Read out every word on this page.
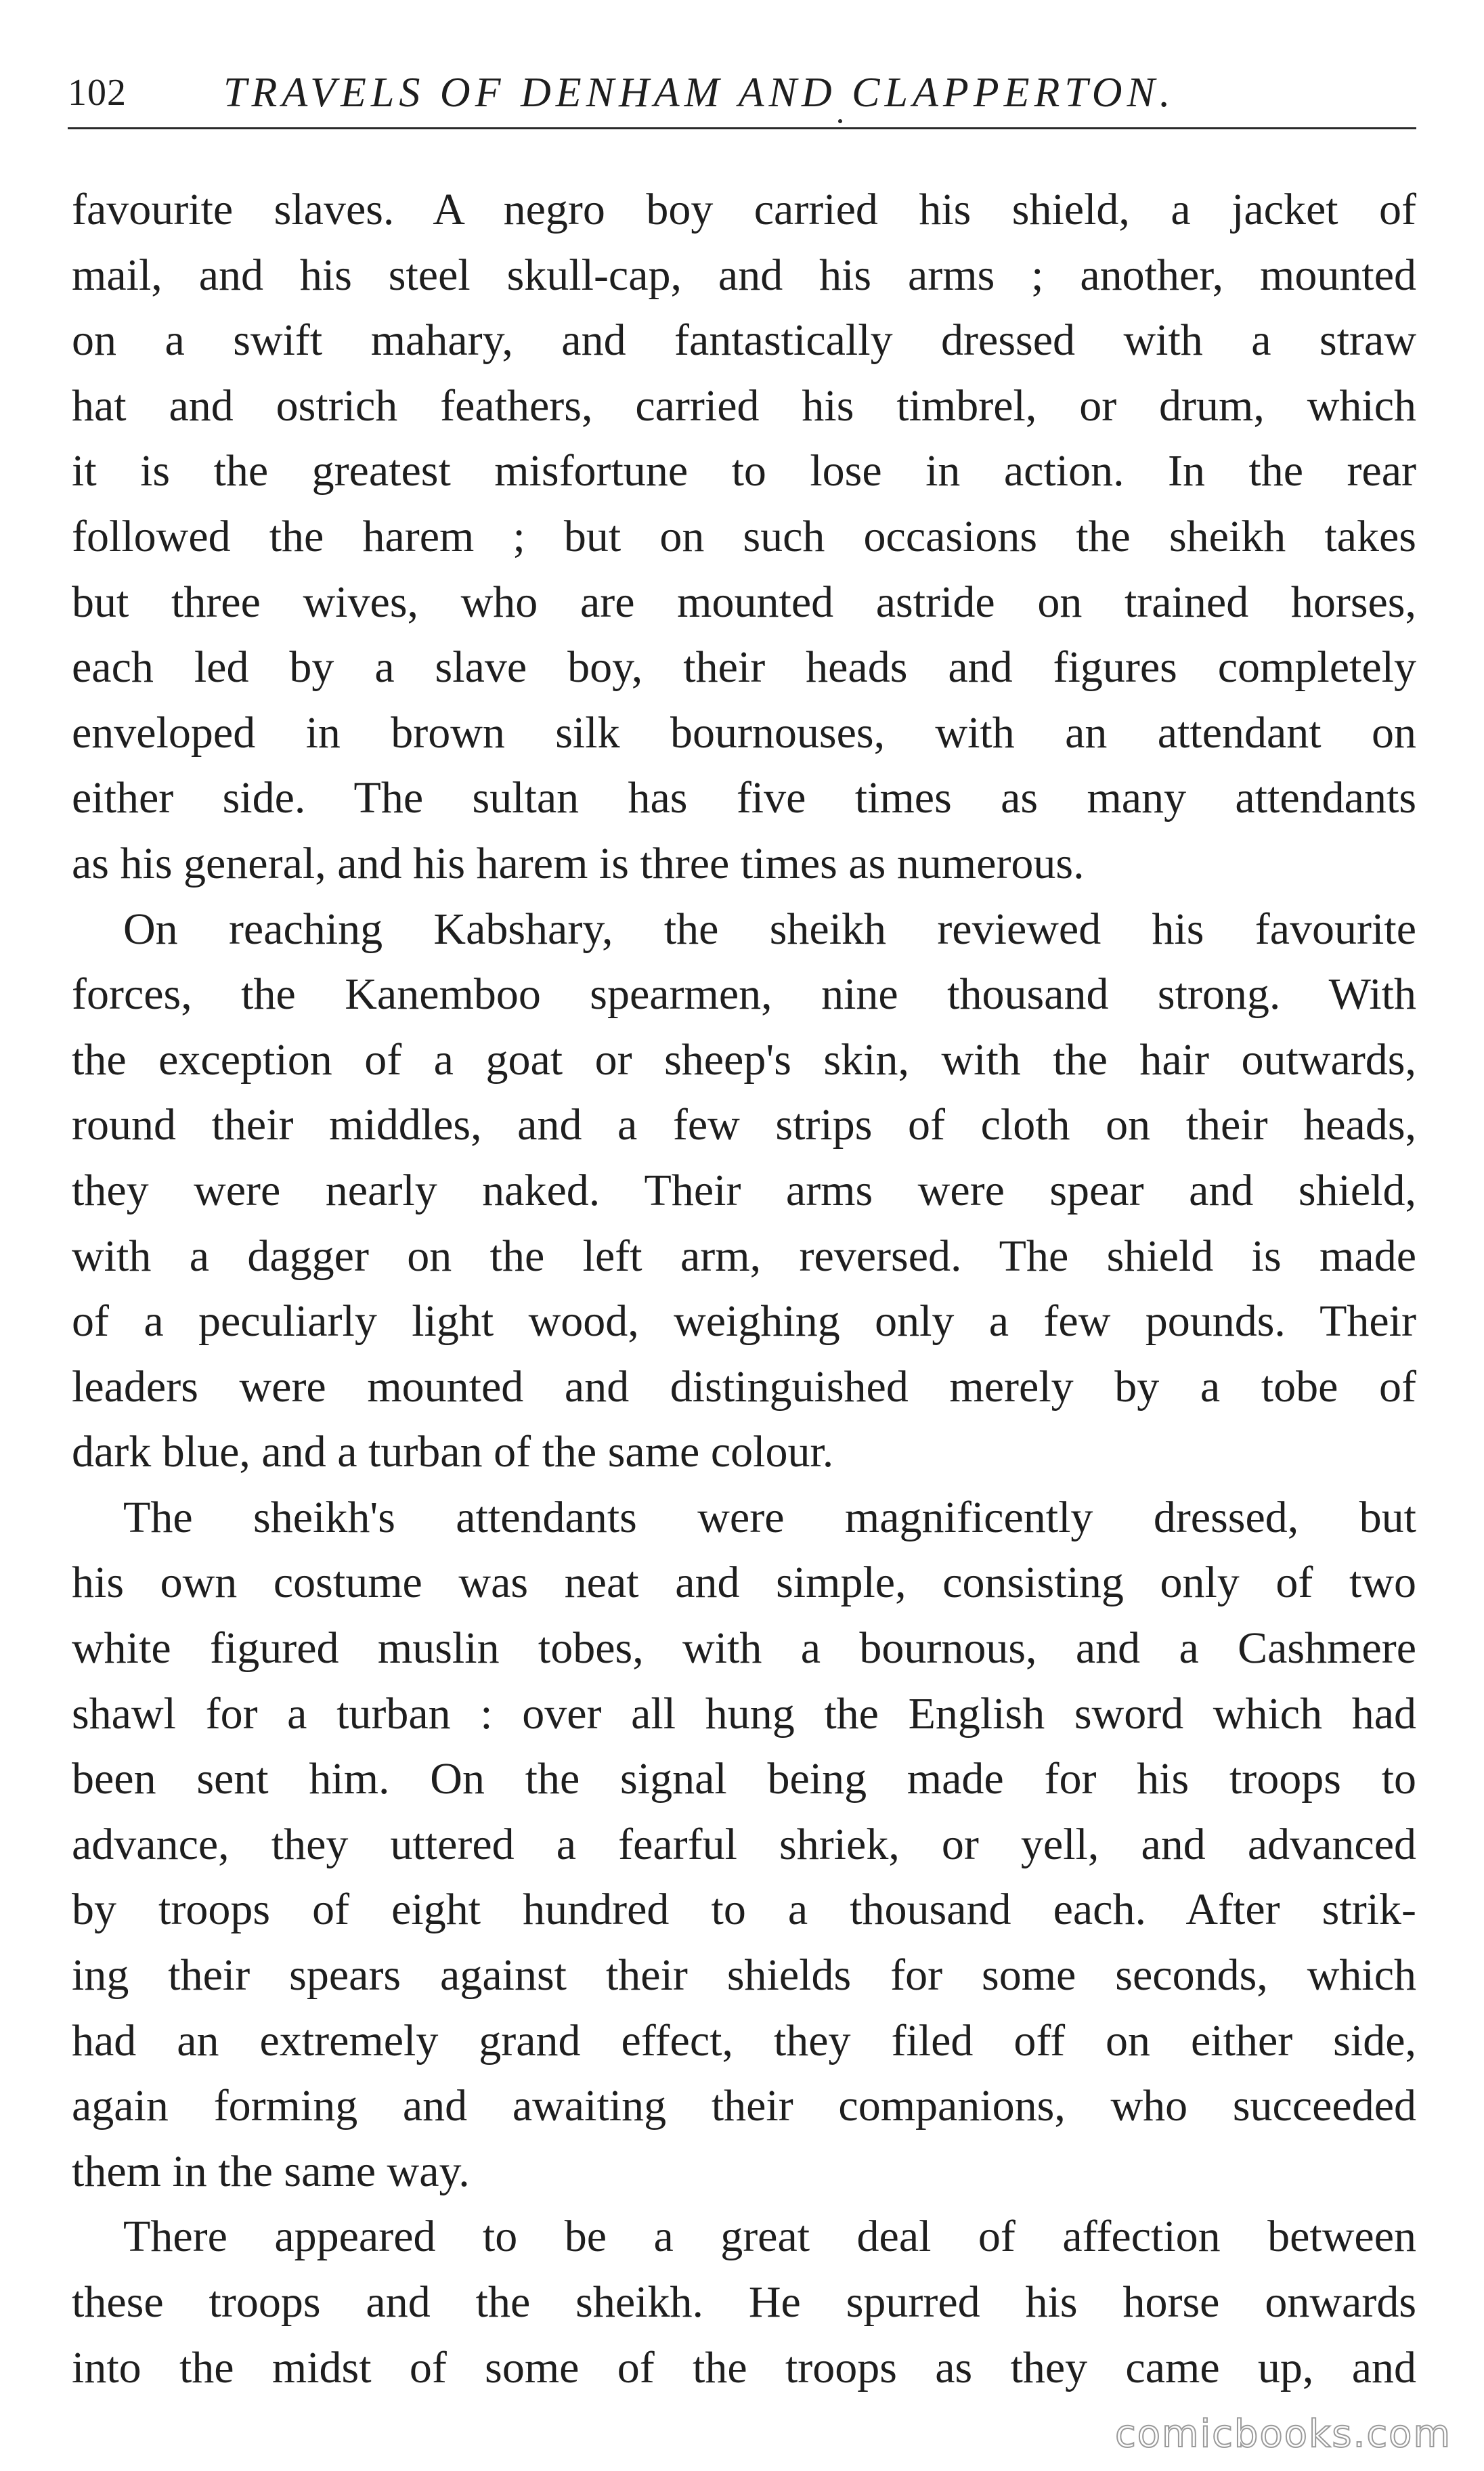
102 TRAVELS OF DENHAM AND CLAPPERTON.
favourite slaves. A negro boy carried his shield, a jacket of
mail, and his steel skull-cap, and his arms ; another, mounted
on a swift mahary, and fantastically dressed with a straw
hat and ostrich feathers, carried his timbrel, or drum, which
it is the greatest misfortune to lose in action. In the rear
followed the harem ; but on such occasions the sheikh takes
but three wives, who are mounted astride on trained horses,
each led by a slave boy, their heads and figures completely
enveloped in brown silk bournouses, with an attendant on
either side. The sultan has five times as many attendants
as his general, and his harem is three times as numerous.
On reaching Kabshary, the sheikh reviewed his favourite
forces, the Kanemboo spearmen, nine thousand strong. With
the exception of a goat or sheep's skin, with the hair outwards,
round their middles, and a few strips of cloth on their heads,
they were nearly naked. Their arms were spear and shield,
with a dagger on the left arm, reversed. The shield is made
of a peculiarly light wood, weighing only a few pounds. Their
leaders were mounted and distinguished merely by a tobe of
dark blue, and a turban of the same colour.
The sheikh's attendants were magnificently dressed, but
his own costume was neat and simple, consisting only of two
white figured muslin tobes, with a bournous, and a Cashmere
shawl for a turban : over all hung the English sword which had
been sent him. On the signal being made for his troops to
advance, they uttered a fearful shriek, or yell, and advanced
by troops of eight hundred to a thousand each. After strik-
ing their spears against their shields for some seconds, which
had an extremely grand effect, they filed off on either side,
again forming and awaiting their companions, who succeeded
them in the same way.
There appeared to be a great deal of affection between
these troops and the sheikh. He spurred his horse onwards
into the midst of some of the troops as they came up, and
comicbooks.com
